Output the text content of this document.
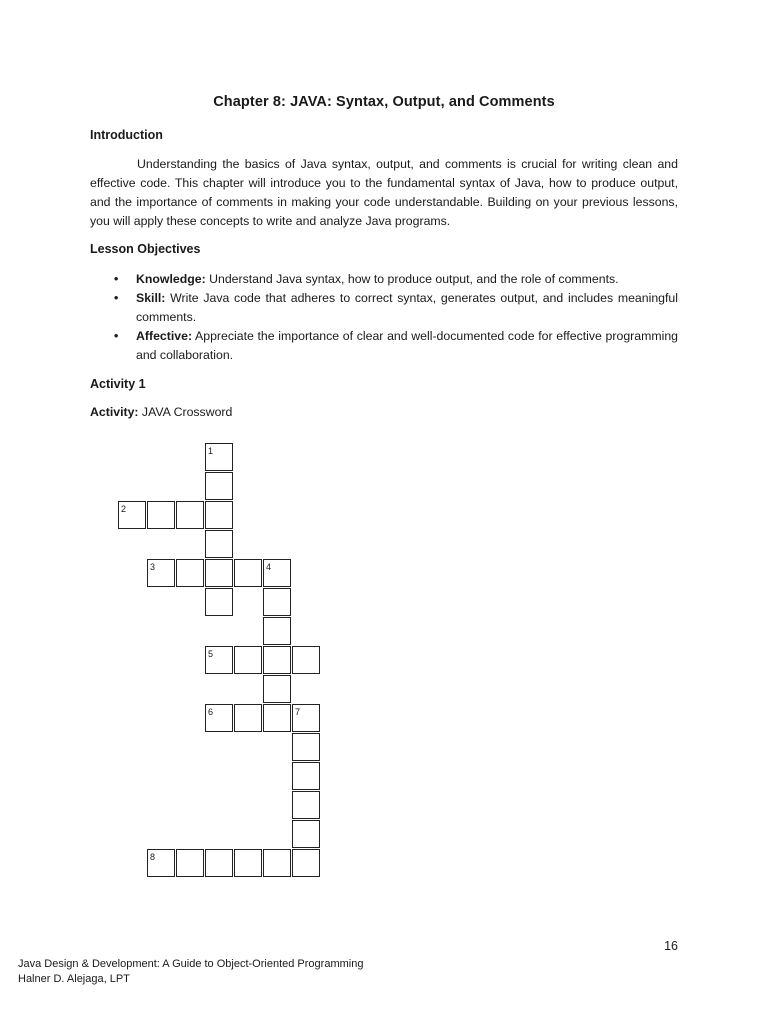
Chapter 8: JAVA: Syntax, Output, and Comments
Introduction
Understanding the basics of Java syntax, output, and comments is crucial for writing clean and effective code. This chapter will introduce you to the fundamental syntax of Java, how to produce output, and the importance of comments in making your code understandable. Building on your previous lessons, you will apply these concepts to write and analyze Java programs.
Lesson Objectives
• Knowledge: Understand Java syntax, how to produce output, and the role of comments.
• Skill: Write Java code that adheres to correct syntax, generates output, and includes meaningful comments.
• Affective: Appreciate the importance of clear and well-documented code for effective programming and collaboration.
Activity 1
Activity: JAVA Crossword
1
2
3	4
5
6	7
8
16
Java Design & Development: A Guide to Object-Oriented Programming
Halner D. Alejaga, LPT
